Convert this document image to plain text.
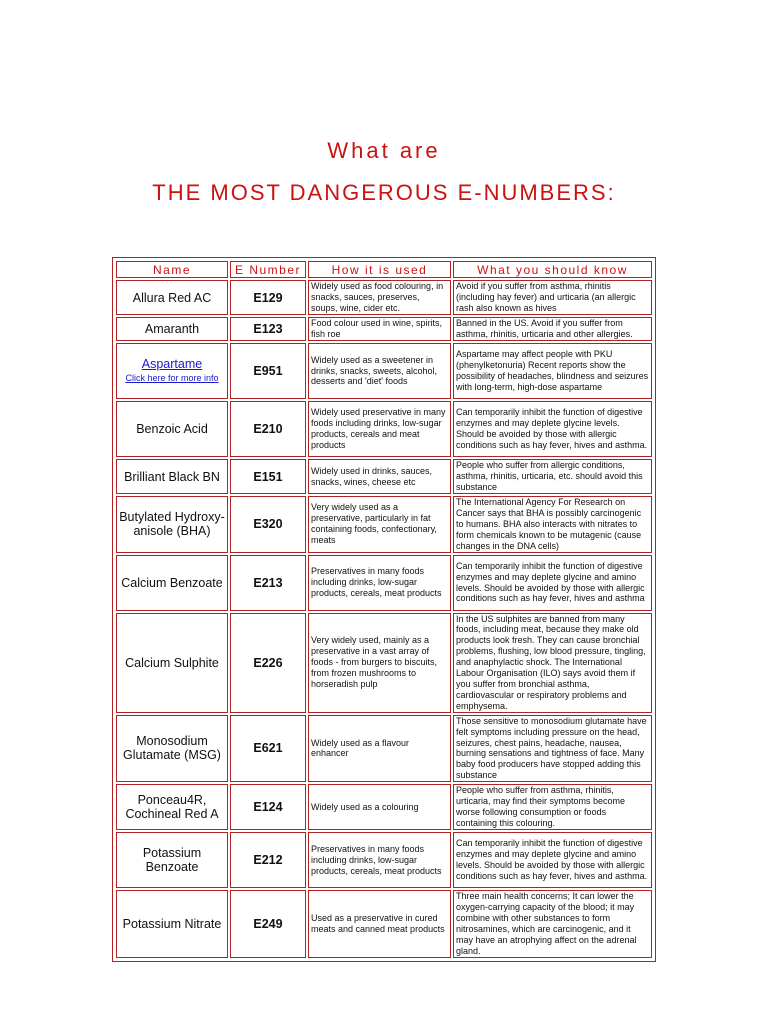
What are
THE MOST DANGEROUS E-NUMBERS:
Name	E Number	How it is used	What you should know
Allura Red AC	E129	Widely used as food colouring, in snacks, sauces, preserves, soups, wine, cider etc.	Avoid if you suffer from asthma, rhinitis (including hay fever) and urticaria (an allergic rash also known as hives
Amaranth	E123	Food colour used in wine, spirits, fish roe	Banned in the US. Avoid if you suffer from asthma, rhinitis, urticaria and other allergies.

Aspartame
Click here for more info	E951	Widely used as a sweetener in drinks, snacks, sweets, alcohol, desserts and 'diet' foods	Aspartame may affect people with PKU (phenylketonuria) Recent reports show the possibility of headaches, blindness and seizures with long-term, high-dose aspartame
Benzoic Acid	E210	Widely used preservative in many foods including drinks, low-sugar products, cereals and meat products	Can temporarily inhibit the function of digestive enzymes and may deplete glycine levels. Should be avoided by those with allergic conditions such as hay fever, hives and asthma.
Brilliant Black BN	E151	Widely used in drinks, sauces, snacks, wines, cheese etc	People who suffer from allergic conditions, asthma, rhinitis, urticaria, etc. should avoid this substance
Butylated Hydroxy-anisole (BHA)	E320	Very widely used as a preservative, particularly in fat containing foods, confectionary, meats	The International Agency For Research on Cancer says that BHA is possibly carcinogenic to humans. BHA also interacts with nitrates to form chemicals known to be mutagenic (cause changes in the DNA cells)
Calcium Benzoate	E213	Preservatives in many foods including drinks, low-sugar products, cereals, meat products	Can temporarily inhibit the function of digestive enzymes and may deplete glycine and amino levels. Should be avoided by those with allergic conditions such as hay fever, hives and asthma
Calcium Sulphite	E226	Very widely used, mainly as a preservative in a vast array of foods - from burgers to biscuits, from frozen mushrooms to horseradish pulp	In the US sulphites are banned from many foods, including meat, because they make old products look fresh. They can cause bronchial problems, flushing, low blood pressure, tingling, and anaphylactic shock. The International Labour Organisation (ILO) says avoid them if you suffer from bronchial asthma, cardiovascular or respiratory problems and emphysema.
Monosodium Glutamate (MSG)	E621	Widely used as a flavour enhancer	Those sensitive to monosodium glutamate have felt symptoms including pressure on the head, seizures, chest pains, headache, nausea, burning sensations and tightness of face. Many baby food producers have stopped adding this substance
Ponceau4R, Cochineal Red A	E124	Widely used as a colouring	People who suffer from asthma, rhinitis, urticaria, may find their symptoms become worse following consumption or foods containing this colouring.
Potassium Benzoate	E212	Preservatives in many foods including drinks, low-sugar products, cereals, meat products	Can temporarily inhibit the function of digestive enzymes and may deplete glycine and amino levels. Should be avoided by those with allergic conditions such as hay fever, hives and asthma.
Potassium Nitrate	E249	Used as a preservative in cured meats and canned meat products	Three main health concerns; It can lower the oxygen-carrying capacity of the blood; it may combine with other substances to form nitrosamines, which are carcinogenic, and it may have an atrophying affect on the adrenal gland.
